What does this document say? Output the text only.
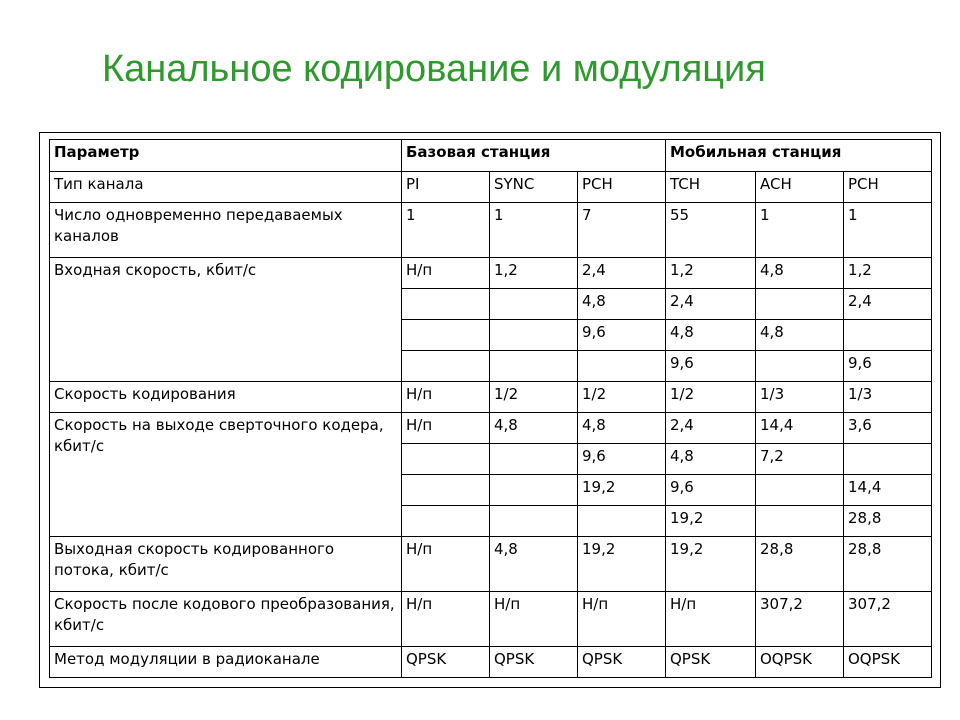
Канальное кодирование и модуляция
Параметр	Базовая станция			Мобильная станция		
Тип канала	PI	SYNC	PCH	TCH	ACH	PCH
Число одновременно передаваемых каналов	1	1	7	55	1	1
Входная скорость, кбит/с	Н/п	1,2	2,4	1,2	4,8	1,2
			4,8	2,4		2,4
			9,6	4,8	4,8	
				9,6		9,6
Скорость кодирования	Н/п	1/2	1/2	1/2	1/3	1/3
Скорость на выходе сверточного кодера, кбит/с	Н/п	4,8	4,8	2,4	14,4	3,6
			9,6	4,8	7,2	
			19,2	9,6		14,4
				19,2		28,8
Выходная скорость кодированного потока, кбит/с	Н/п	4,8	19,2	19,2	28,8	28,8
Скорость после кодового преобразования, кбит/с	Н/п	Н/п	Н/п	Н/п	307,2	307,2
Метод модуляции в радиоканале	QPSK	QPSK	QPSK	QPSK	OQPSK	OQPSK
